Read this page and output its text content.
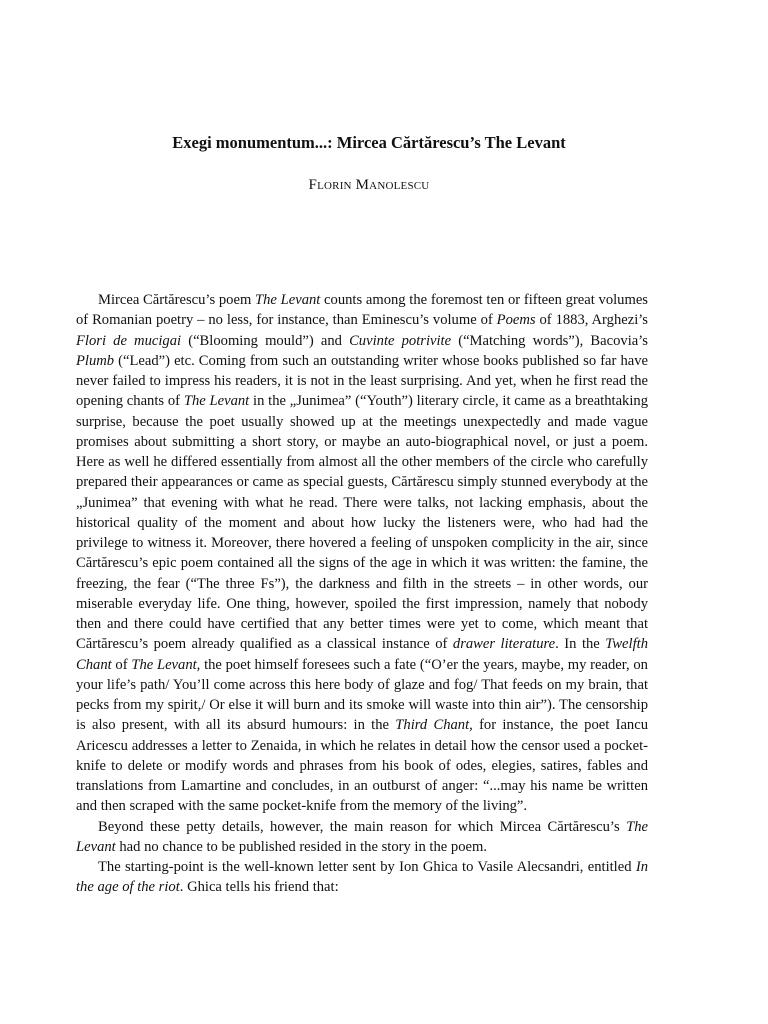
Exegi monumentum...: Mircea Cărtărescu’s The Levant
Florin Manolescu

Mircea Cărtărescu’s poem The Levant counts among the foremost ten or fifteen great volumes of Romanian poetry – no less, for instance, than Eminescu’s volume of Poems of 1883, Arghezi’s Flori de mucigai (“Blooming mould”) and Cuvinte potrivite (“Matching words”), Bacovia’s Plumb (“Lead”) etc. Coming from such an outstanding writer whose books published so far have never failed to impress his readers, it is not in the least surprising. And yet, when he first read the opening chants of The Levant in the „Junimea” (“Youth”) literary circle, it came as a breathtaking surprise, because the poet usually showed up at the meetings unexpectedly and made vague promises about submitting a short story, or maybe an auto-biographical novel, or just a poem. Here as well he differed essentially from almost all the other members of the circle who carefully prepared their appearances or came as special guests, Cărtărescu simply stunned everybody at the „Junimea” that evening with what he read. There were talks, not lacking emphasis, about the historical quality of the moment and about how lucky the listeners were, who had had the privilege to witness it. Moreover, there hovered a feeling of unspoken complicity in the air, since Cărtărescu’s epic poem contained all the signs of the age in which it was written: the famine, the freezing, the fear (“The three Fs”), the darkness and filth in the streets – in other words, our miserable everyday life. One thing, however, spoiled the first impression, namely that nobody then and there could have certified that any better times were yet to come, which meant that Cărtărescu’s poem already qualified as a classical instance of drawer literature. In the Twelfth Chant of The Levant, the poet himself foresees such a fate (“O’er the years, maybe, my reader, on your life’s path/ You’ll come across this here body of glaze and fog/ That feeds on my brain, that pecks from my spirit,/ Or else it will burn and its smoke will waste into thin air”). The censorship is also present, with all its absurd humours: in the Third Chant, for instance, the poet Iancu Aricescu addresses a letter to Zenaida, in which he relates in detail how the censor used a pocket-knife to delete or modify words and phrases from his book of odes, elegies, satires, fables and translations from Lamartine and concludes, in an outburst of anger: “...may his name be written and then scraped with the same pocket-knife from the memory of the living”.

Beyond these petty details, however, the main reason for which Mircea Cărtărescu’s The Levant had no chance to be published resided in the story in the poem.

The starting-point is the well-known letter sent by Ion Ghica to Vasile Alecsandri, entitled In the age of the riot. Ghica tells his friend that:
